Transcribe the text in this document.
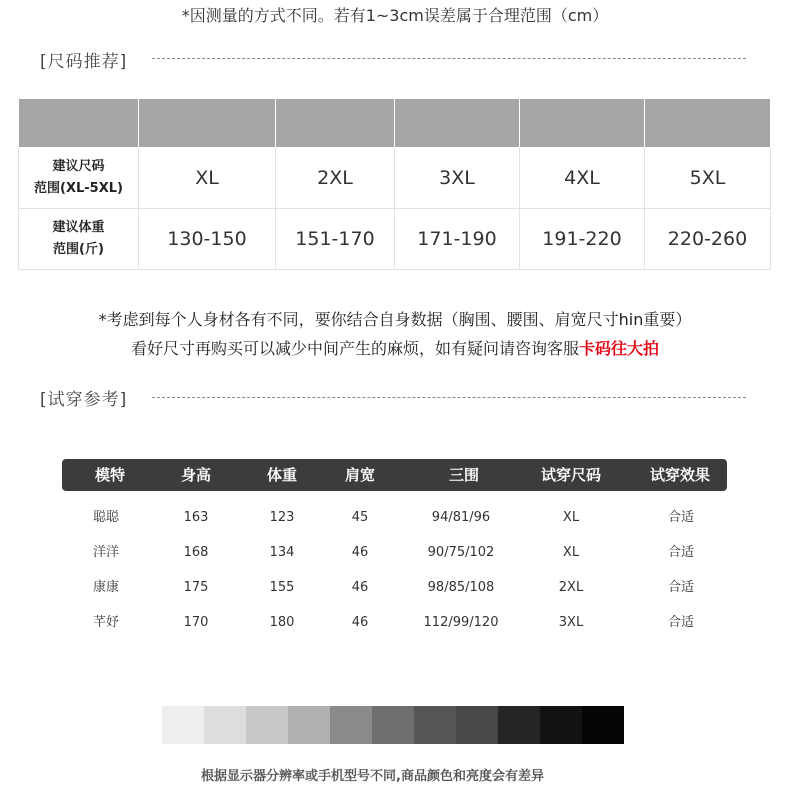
*因测量的方式不同。若有1~3cm误差属于合理范围（cm）
[尺码推荐]

建议尺码
范围(XL-5XL)	XL	2XL	3XL	4XL	5XL

建议体重
范围(斤)	130-150	151-170	171-190	191-220	220-260
*考虑到每个人身材各有不同，要你结合自身数据（胸围、腰围、肩宽尺寸hin重要）
看好尺寸再购买可以减少中间产生的麻烦，如有疑问请咨询客服卡码往大拍
[试穿参考]
模特	身高	体重	肩宽	三围	试穿尺码	试穿效果
聪聪	163	123	45	94/81/96	XL	合适
洋洋	168	134	46	90/75/102	XL	合适
康康	175	155	46	98/85/108	2XL	合适
芊妤	170	180	46	112/99/120	3XL	合适
根据显示器分辨率或手机型号不同,商品颜色和亮度会有差异
